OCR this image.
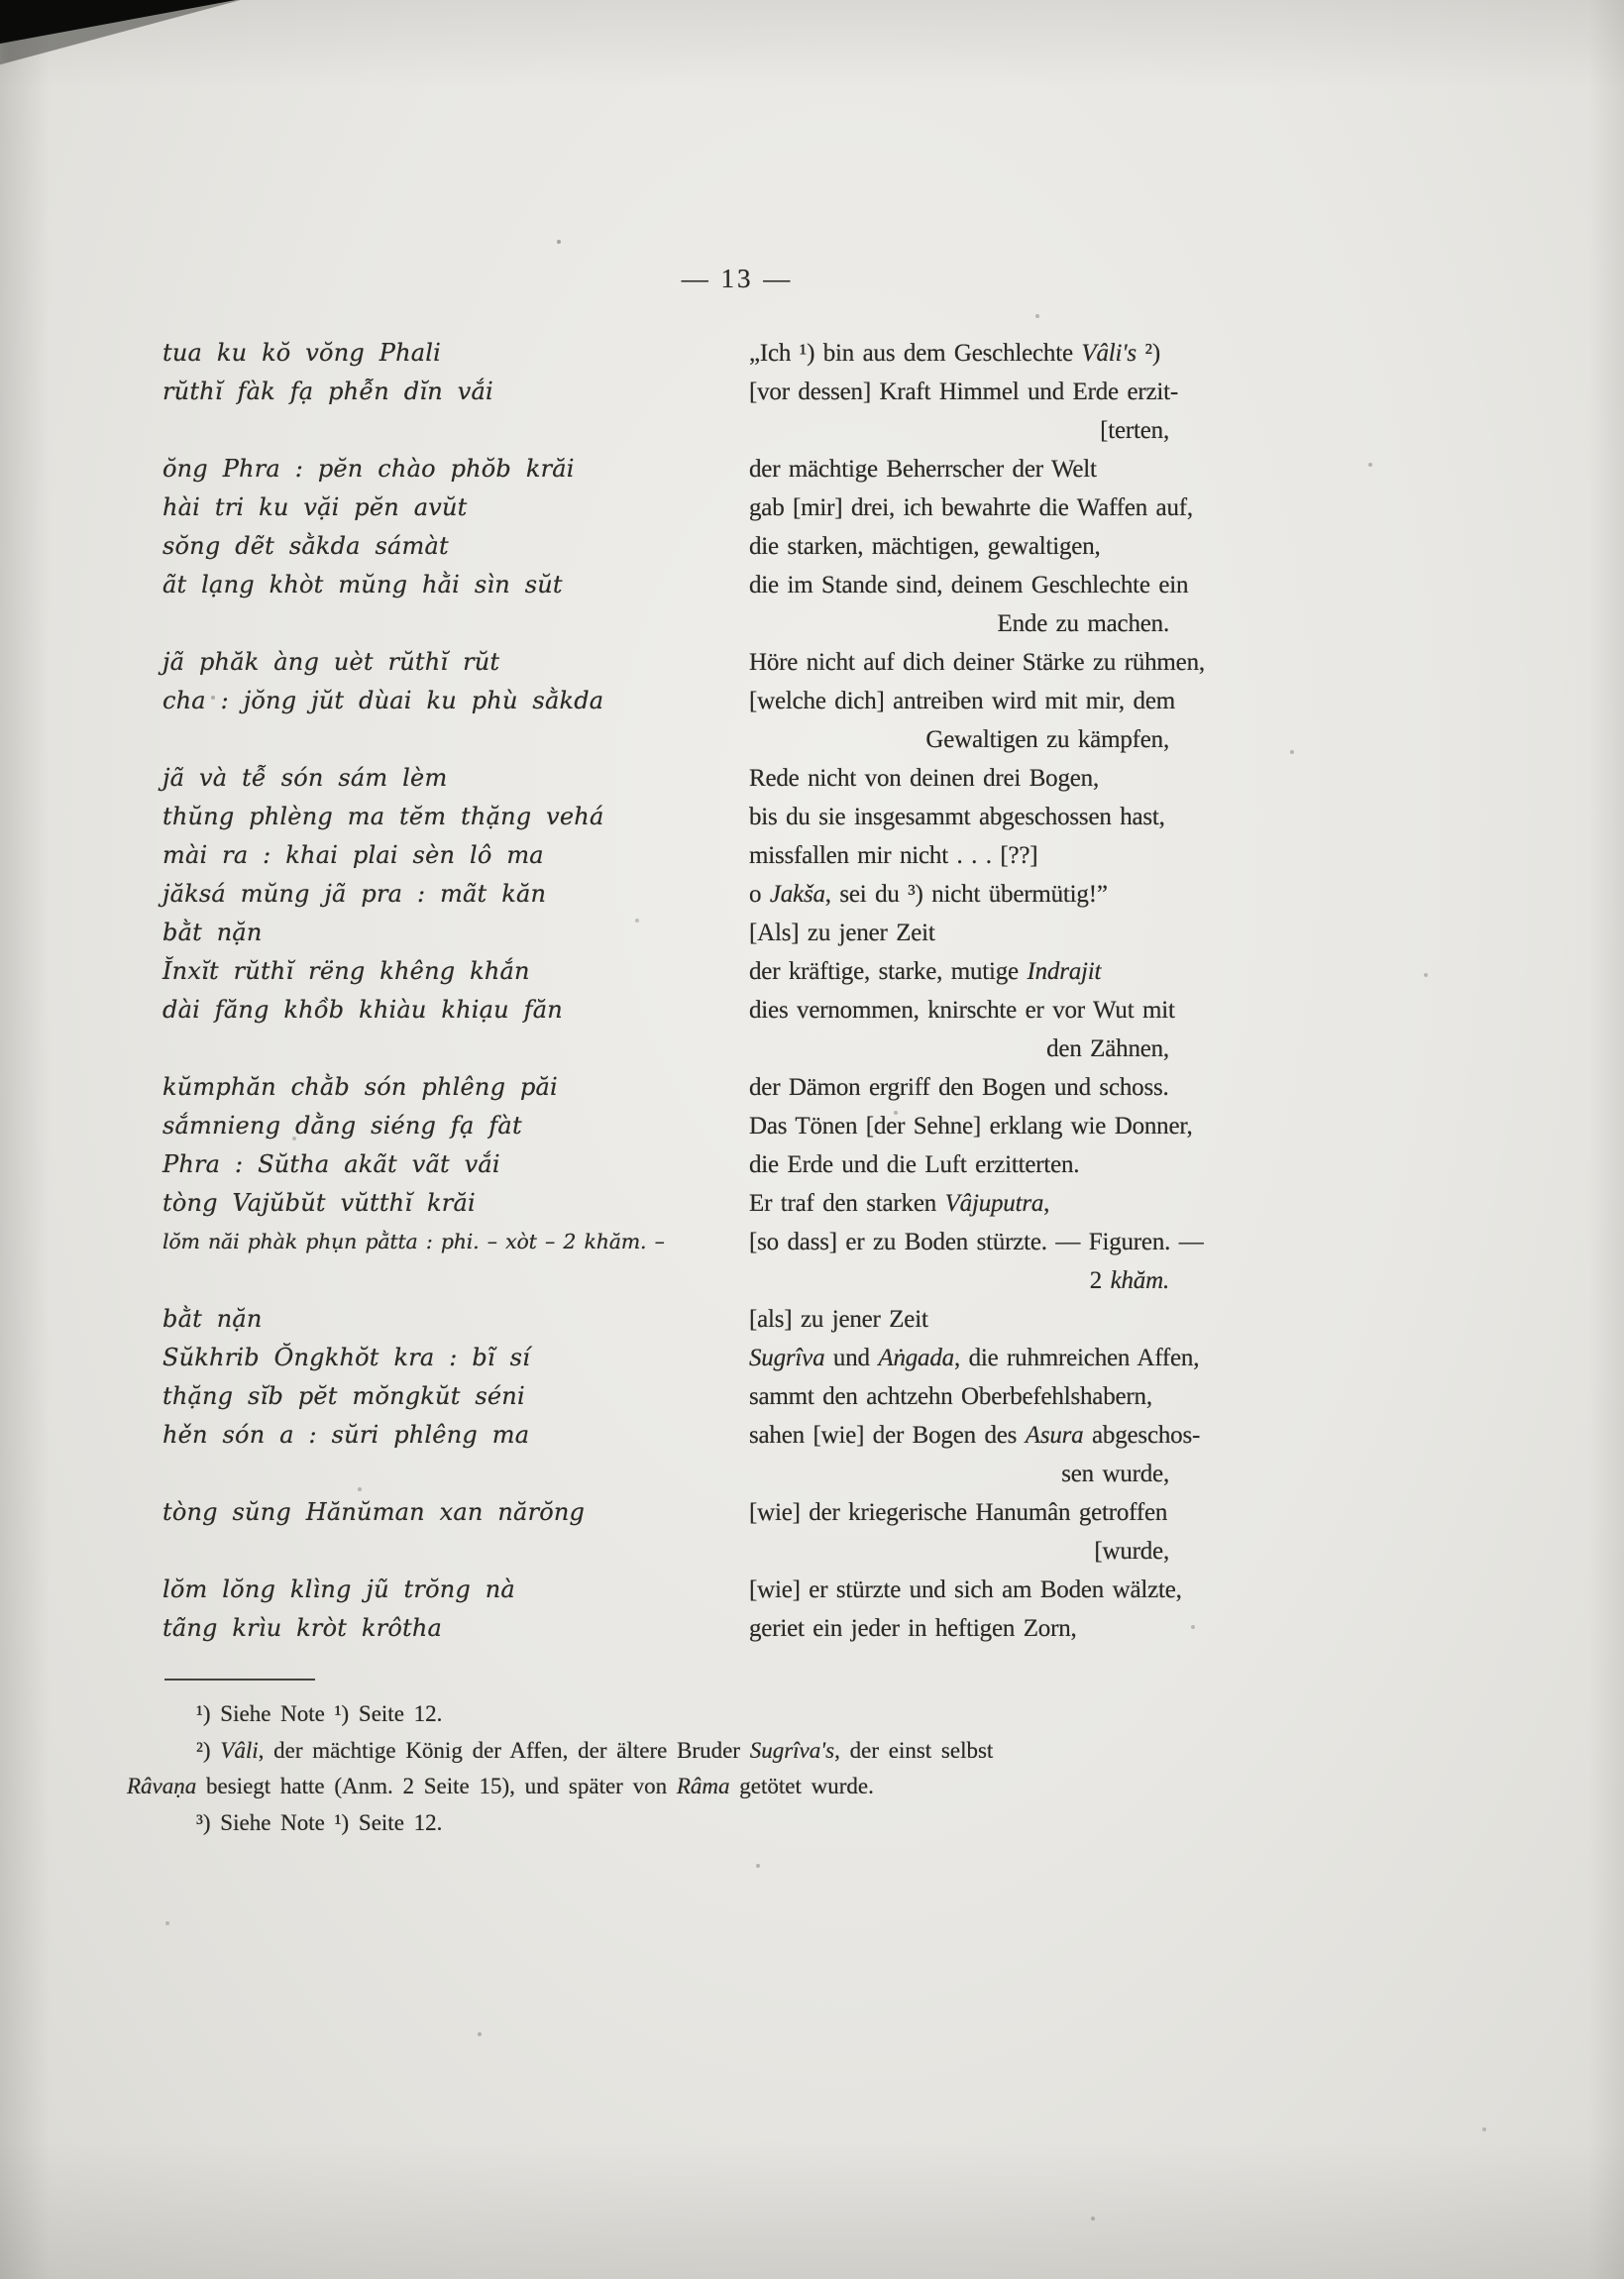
— 13 —
tua ku kŏ vŏng Phali	„Ich ¹) bin aus dem Geschlechte Vâli's ²)
rŭthĭ fàk fạ phễn dĭn vắi	[vor dessen] Kraft Himmel und Erde erzit-
[terten,
ŏng Phra : pĕn chào phŏb krăi	der mächtige Beherrscher der Welt
hài tri ku vặi pĕn avŭt	gab [mir] drei, ich bewahrte die Waffen auf,
sŏng dẽt sằkda sámàt	die starken, mächtigen, gewaltigen,
ãt lạng khòt mŭng hằi sìn sŭt	die im Stande sind, deinem Geschlechte ein
Ende zu machen.
jã phăk àng uèt rŭthĭ rŭt	Höre nicht auf dich deiner Stärke zu rühmen,
cha : jŏng jŭt dùai ku phù sằkda	[welche dich] antreiben wird mit mir, dem
Gewaltigen zu kämpfen,
jã và tễ són sám lèm	Rede nicht von deinen drei Bogen,
thŭng phlèng ma tĕm thặng vehá	bis du sie insgesammt abgeschossen hast,
mài ra : khai plai sèn lô ma	missfallen mir nicht . . . [??]
jăksá mŭng jã pra : mãt kăn	o Jakša, sei du ³) nicht übermütig!”
bằt nặn	[Als] zu jener Zeit
Ĭnxĭt rŭthĭ rëng khêng khắn	der kräftige, starke, mutige Indrajit
dài făng khồb khiàu khiạu făn	dies vernommen, knirschte er vor Wut mit
den Zähnen,
kŭmphăn chằb són phlêng păi	der Dämon ergriff den Bogen und schoss.
sắmnieng dằng siéng fạ fàt	Das Tönen [der Sehne] erklang wie Donner,
Phra : Sŭtha akãt vãt vắi	die Erde und die Luft erzitterten.
tòng Vajŭbŭt vŭtthĭ krăi	Er traf den starken Vâjuputra,
lŏm năi phàk phụn pằtta : phi. – xòt – 2 khăm. –	[so dass] er zu Boden stürzte. — Figuren. —
2 khăm.
bằt nặn	[als] zu jener Zeit
Sŭkhrib Ŏngkhŏt kra : bĩ sí	Sugrîva und Aṅgada, die ruhmreichen Affen,
thặng sĭb pĕt mŏngkŭt séni	sammt den achtzehn Oberbefehlshabern,
hěn són a : sŭri phlêng ma	sahen [wie] der Bogen des Asura abgeschos-
sen wurde,
tòng sŭng Hănŭman xan nărŏng	[wie] der kriegerische Hanumân getroffen
[wurde,
lŏm lŏng klìng jũ trŏng nà	[wie] er stürzte und sich am Boden wälzte,
tãng krìu kròt krôtha	geriet ein jeder in heftigen Zorn,
¹) Siehe Note ¹) Seite 12.
²) Vâli, der mächtige König der Affen, der ältere Bruder Sugrîva's, der einst selbst
Râvaṇa besiegt hatte (Anm. 2 Seite 15), und später von Râma getötet wurde.
³) Siehe Note ¹) Seite 12.
